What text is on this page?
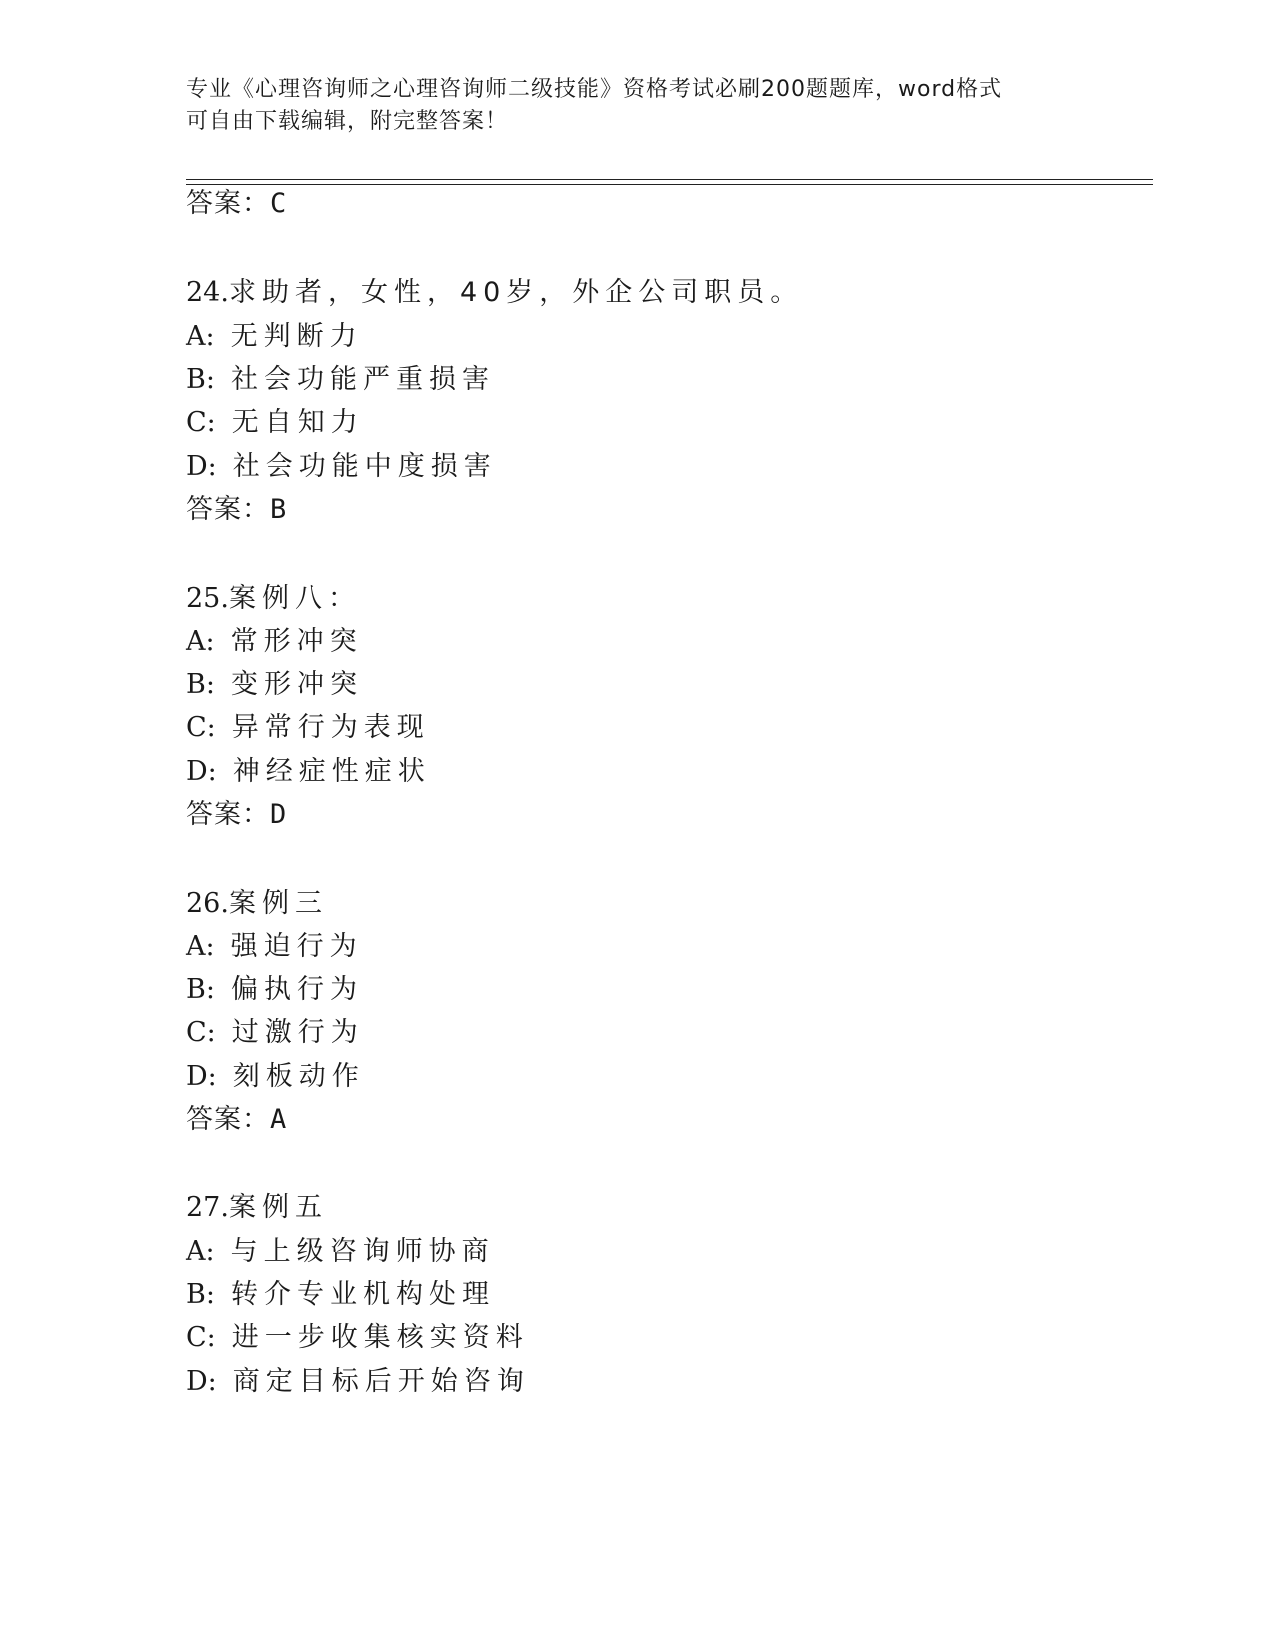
专业《心理咨询师之心理咨询师二级技能》资格考试必刷200题题库，word格式
可自由下载编辑，附完整答案！
答案：C
24.求助者，女性，40岁，外企公司职员。
A: 无判断力
B: 社会功能严重损害
C: 无自知力
D: 社会功能中度损害
答案：B
25.案例八：
A: 常形冲突
B: 变形冲突
C: 异常行为表现
D: 神经症性症状
答案：D
26.案例三
A: 强迫行为
B: 偏执行为
C: 过激行为
D: 刻板动作
答案：A
27.案例五
A: 与上级咨询师协商
B: 转介专业机构处理
C: 进一步收集核实资料
D: 商定目标后开始咨询
